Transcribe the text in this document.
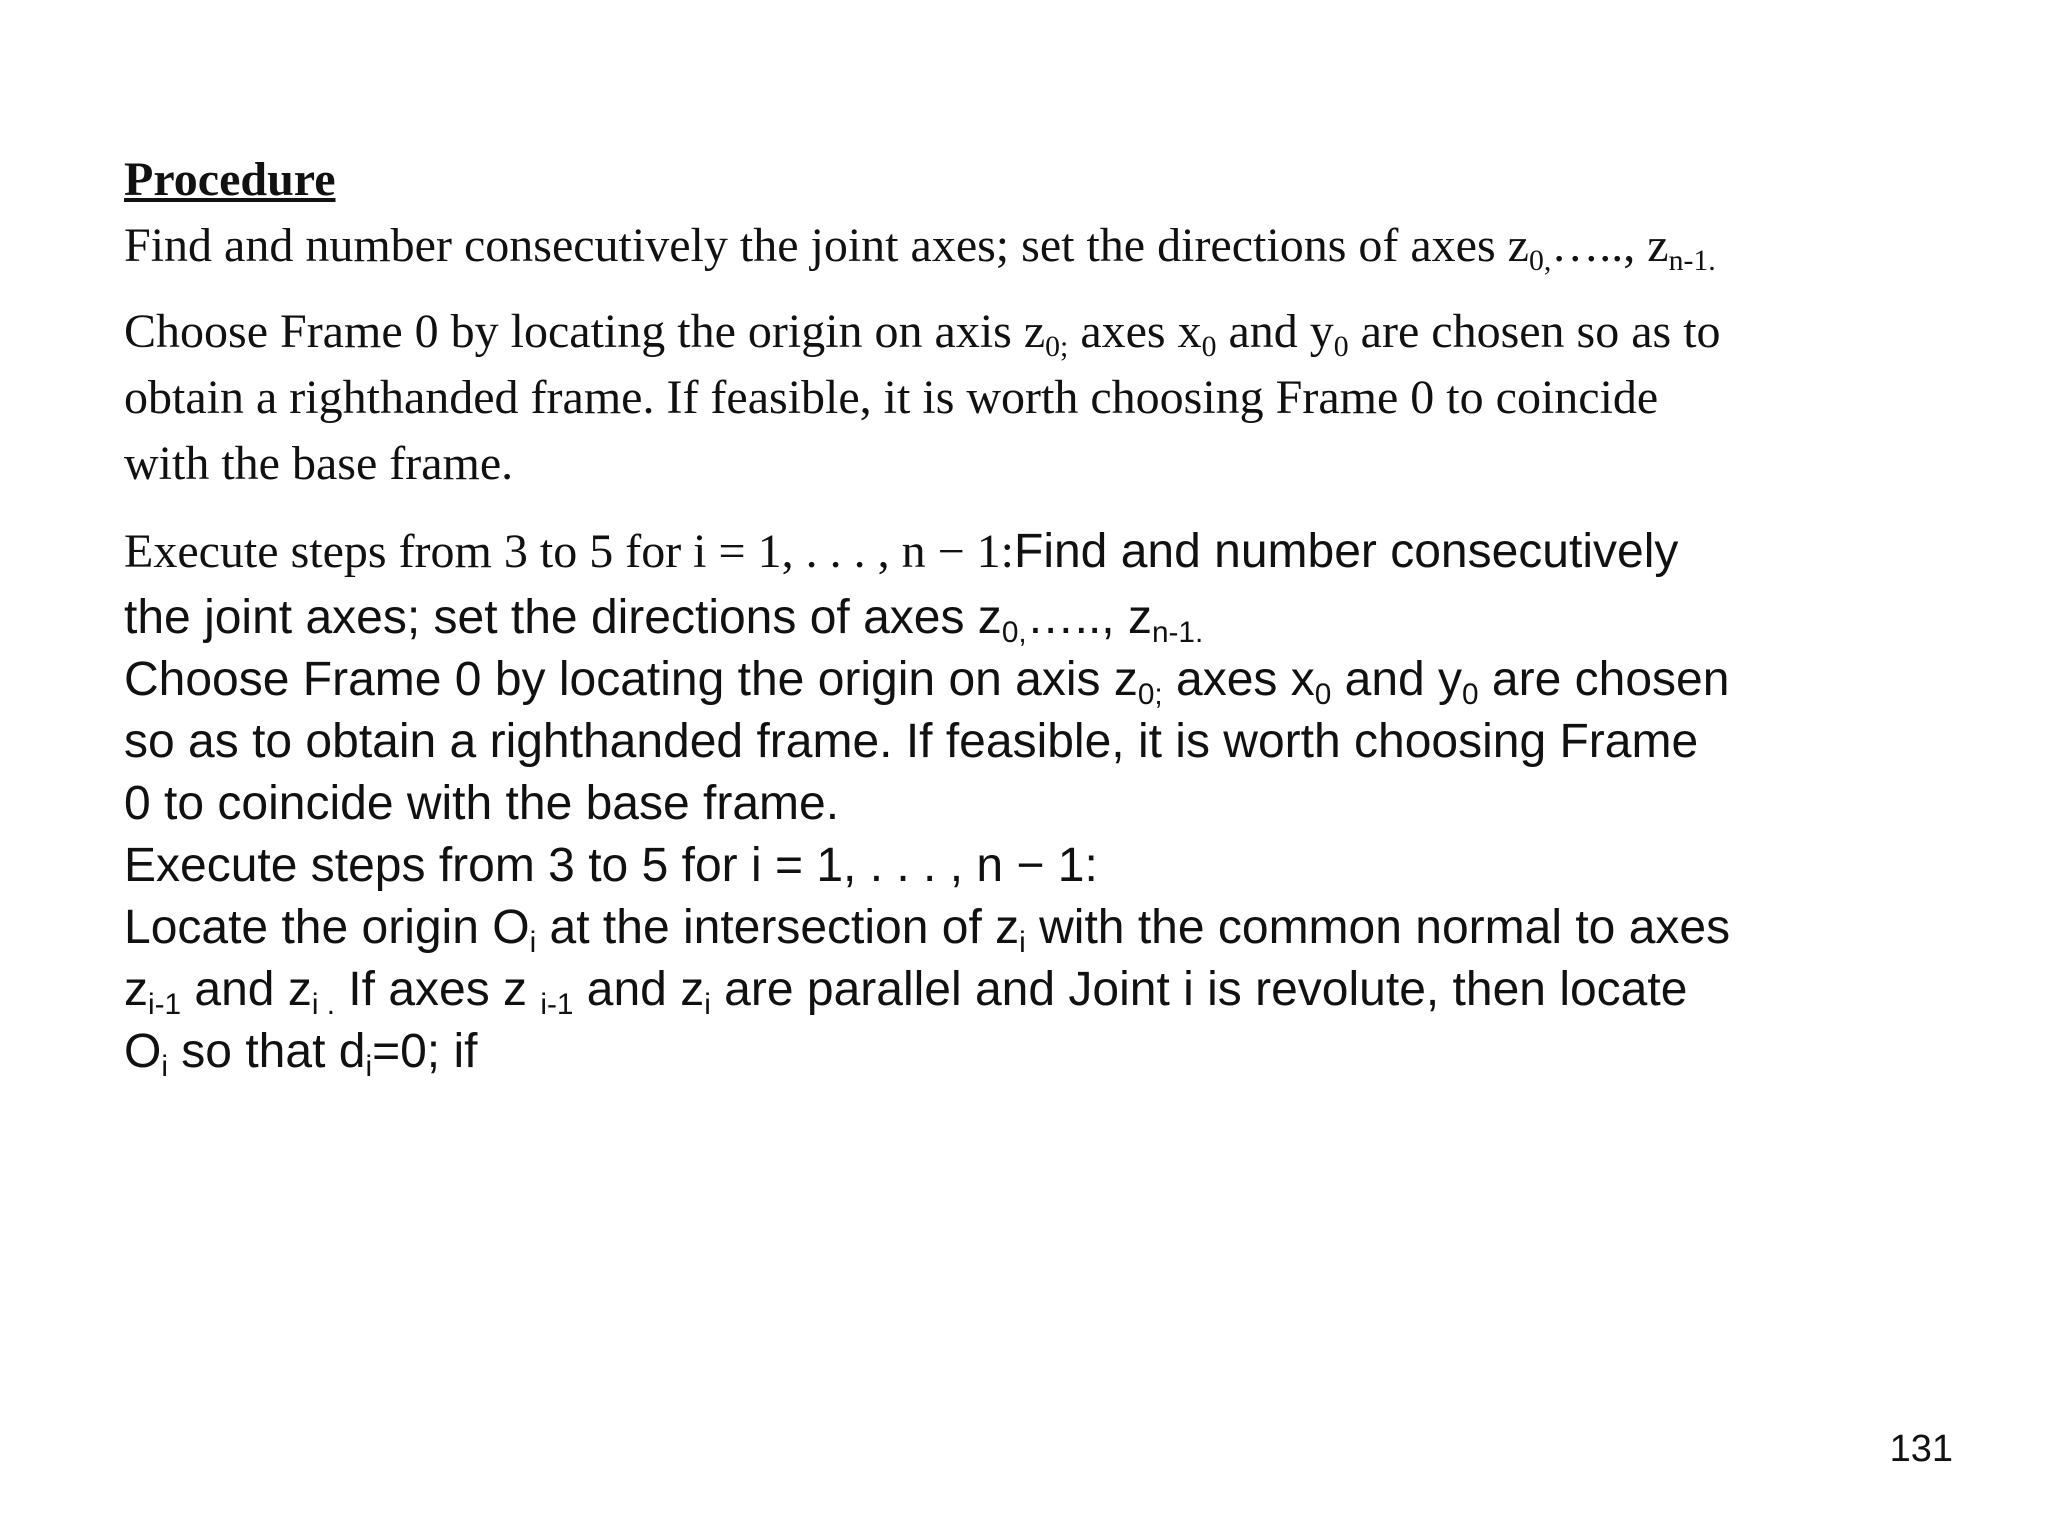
Procedure
Find and number consecutively the joint axes; set the directions of axes $z_{0,}\dots$.., $z_{n-1.}$
Choose Frame 0 by locating the origin on axis $z_{0;}$ axes $x_0$ and $y_0$ are chosen so as to
obtain a righthanded frame. If feasible, it is worth choosing Frame 0 to coincide
with the base frame.
Execute steps from 3 to 5 for i = 1, . . . , n − 1:Find and number consecutively
the joint axes; set the directions of axes $z_{0,}\dots$.., $z_{n-1.}$
Choose Frame 0 by locating the origin on axis $z_{0;}$ axes $x_0$ and $y_0$ are chosen
so as to obtain a righthanded frame. If feasible, it is worth choosing Frame
0 to coincide with the base frame.
Execute steps from 3 to 5 for i = 1, . . . , n − 1:
Locate the origin $O_i$ at the intersection of $z_i$ with the common normal to axes
$z_{i-1}$ and $z_{i .}$ If axes z $_{i-1}$ and $z_i$ are parallel and Joint i is revolute, then locate
$O_i$ so that $d_i=0$; if
131
